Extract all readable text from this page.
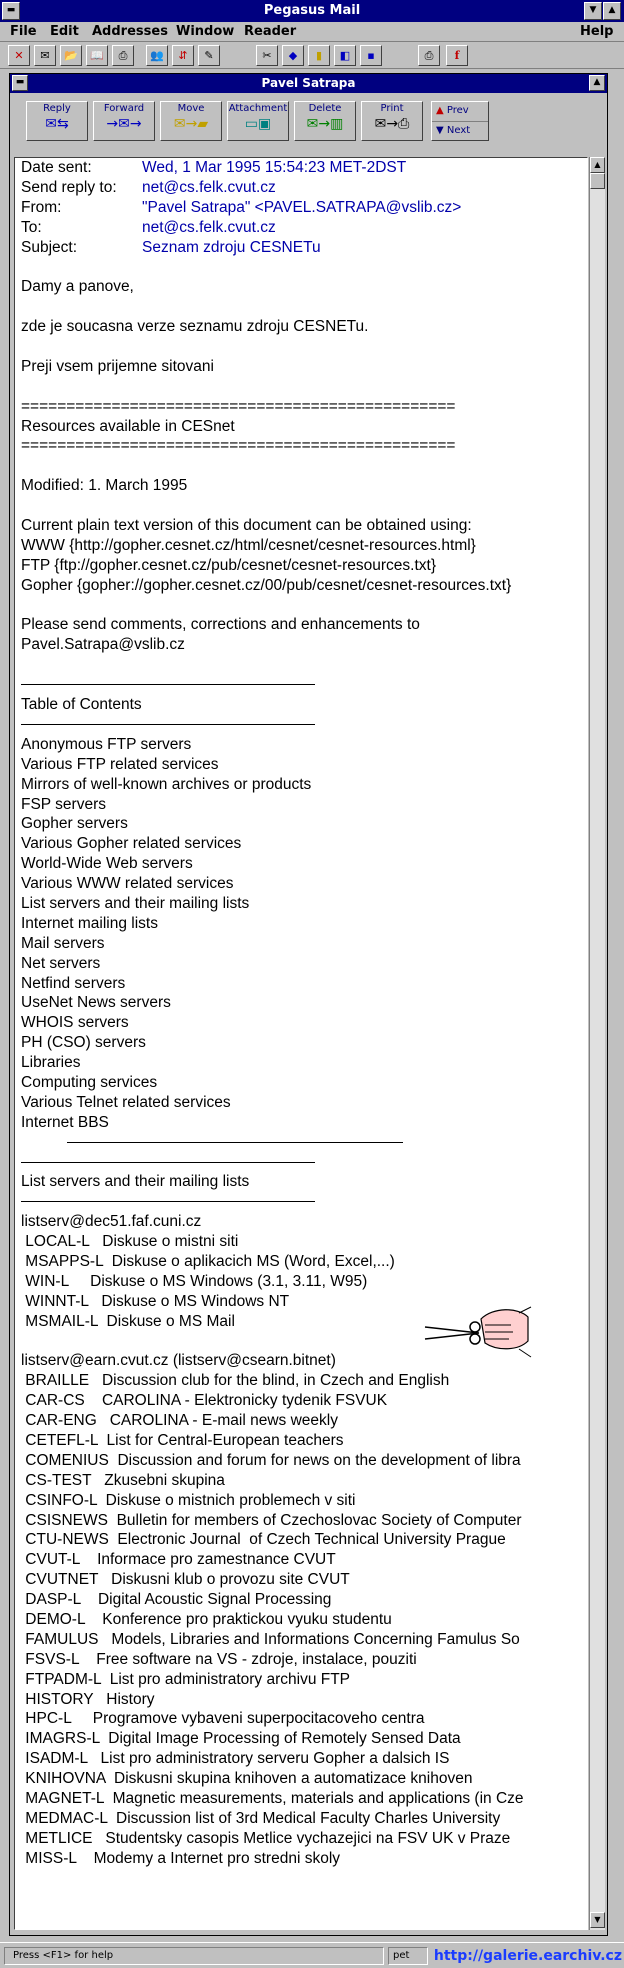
▬	Pegasus Mail	▼	▲
File Edit Addresses Window Reader	Help
✕	✉	📂	📖	⎙	👥	⇵	✎	✂	◆	▮	◧	▪	⎙	f
▬	Pavel Satrapa	▲
Reply
✉⇆
Forward
→✉→
Move
✉→▰
Attachment
▭▣
Delete
✉→▥
Print
✉→⎙
▲ Prev
▼ Next
Date sent:	Wed, 1 Mar 1995 15:54:23 MET-2DST
Send reply to: net@cs.felk.cvut.cz
From:	"Pavel Satrapa" <PAVEL.SATRAPA@vslib.cz>
To:	net@cs.felk.cvut.cz
Subject:	Seznam zdroju CESNETu
Damy a panove,
zde je soucasna verze seznamu zdroju CESNETu.
Preji vsem prijemne sitovani
================================================
Resources available in CESnet
================================================
Modified: 1. March 1995
Current plain text version of this document can be obtained using:
WWW {http://gopher.cesnet.cz/html/cesnet/cesnet-resources.html}
FTP {ftp://gopher.cesnet.cz/pub/cesnet/cesnet-resources.txt}
Gopher {gopher://gopher.cesnet.cz/00/pub/cesnet/cesnet-resources.txt}
Please send comments, corrections and enhancements to
Pavel.Satrapa@vslib.cz
Table of Contents
Anonymous FTP servers
Various FTP related services
Mirrors of well-known archives or products
FSP servers
Gopher servers
Various Gopher related services
World-Wide Web servers
Various WWW related services
List servers and their mailing lists
Internet mailing lists
Mail servers
Net servers
Netfind servers
UseNet News servers
WHOIS servers
PH (CSO) servers
Libraries
Computing services
Various Telnet related services
Internet BBS
List servers and their mailing lists
listserv@dec51.faf.cuni.cz
LOCAL-L   Diskuse o mistni siti
MSAPPS-L  Diskuse o aplikacich MS (Word, Excel,...)
WIN-L     Diskuse o MS Windows (3.1, 3.11, W95)
WINNT-L   Diskuse o MS Windows NT
MSMAIL-L  Diskuse o MS Mail
listserv@earn.cvut.cz (listserv@csearn.bitnet)
BRAILLE   Discussion club for the blind, in Czech and English
CAR-CS    CAROLINA - Elektronicky tydenik FSVUK
CAR-ENG   CAROLINA - E-mail news weekly
CETEFL-L  List for Central-European teachers
COMENIUS  Discussion and forum for news on the development of libra
CS-TEST   Zkusebni skupina
CSINFO-L  Diskuse o mistnich problemech v siti
CSISNEWS  Bulletin for members of Czechoslovac Society of Computer
CTU-NEWS  Electronic Journal  of Czech Technical University Prague
CVUT-L    Informace pro zamestnance CVUT
CVUTNET   Diskusni klub o provozu site CVUT
DASP-L    Digital Acoustic Signal Processing
DEMO-L    Konference pro praktickou vyuku studentu
FAMULUS   Models, Libraries and Informations Concerning Famulus So
FSVS-L    Free software na VS - zdroje, instalace, pouziti
FTPADM-L  List pro administratory archivu FTP
HISTORY   History
HPC-L     Programove vybaveni superpocitacoveho centra
IMAGRS-L  Digital Image Processing of Remotely Sensed Data
ISADM-L   List pro administratory serveru Gopher a dalsich IS
KNIHOVNA  Diskusni skupina knihoven a automatizace knihoven
MAGNET-L  Magnetic measurements, materials and applications (in Cze
MEDMAC-L  Discussion list of 3rd Medical Faculty Charles University
METLICE   Studentsky casopis Metlice vychazejici na FSV UK v Praze
MISS-L    Modemy a Internet pro stredni skoly
▲
▼
Press <F1> for help	pet	http://galerie.earchiv.cz
